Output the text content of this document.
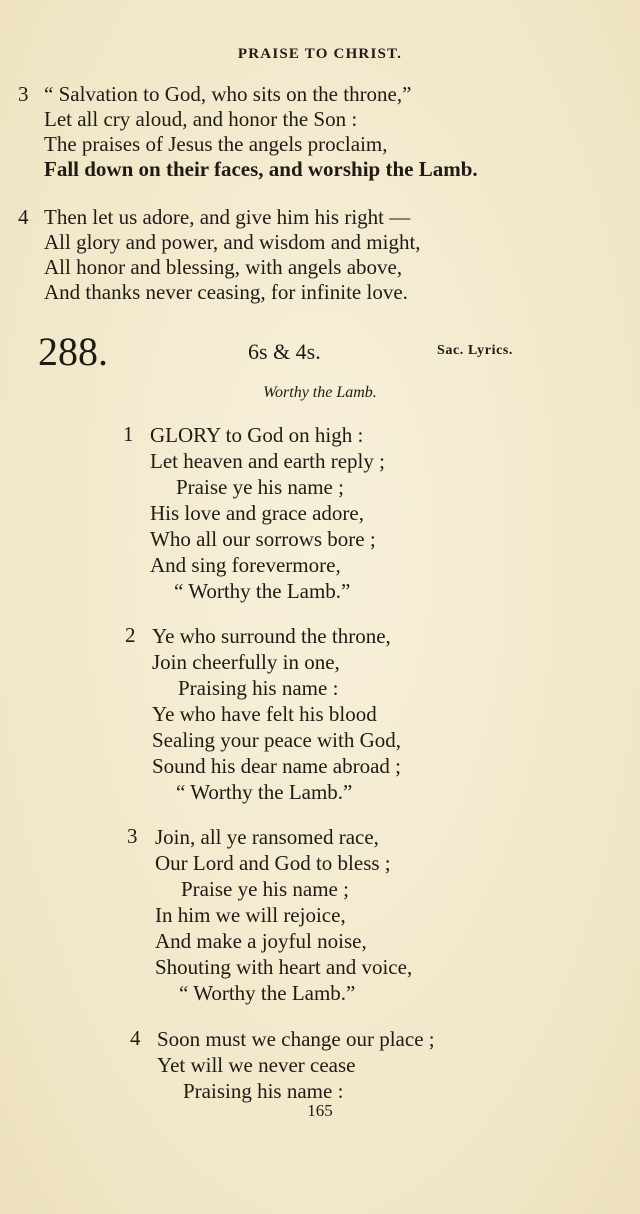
PRAISE TO CHRIST.
3 “ Salvation to God, who sits on the throne,”
Let all cry aloud, and honor the Son :
The praises of Jesus the angels proclaim,
Fall down on their faces, and worship the Lamb.
4 Then let us adore, and give him his right —
All glory and power, and wisdom and might,
All honor and blessing, with angels above,
And thanks never ceasing, for infinite love.
288.	6s & 4s.	Sac. Lyrics.
Worthy the Lamb.
1 GLORY to God on high :
Let heaven and earth reply ;
Praise ye his name ;
His love and grace adore,
Who all our sorrows bore ;
And sing forevermore,
“ Worthy the Lamb.”
2 Ye who surround the throne,
Join cheerfully in one,
Praising his name :
Ye who have felt his blood
Sealing your peace with God,
Sound his dear name abroad ;
“ Worthy the Lamb.”
3 Join, all ye ransomed race,
Our Lord and God to bless ;
Praise ye his name ;
In him we will rejoice,
And make a joyful noise,
Shouting with heart and voice,
“ Worthy the Lamb.”
4 Soon must we change our place ;
Yet will we never cease
Praising his name :
165
